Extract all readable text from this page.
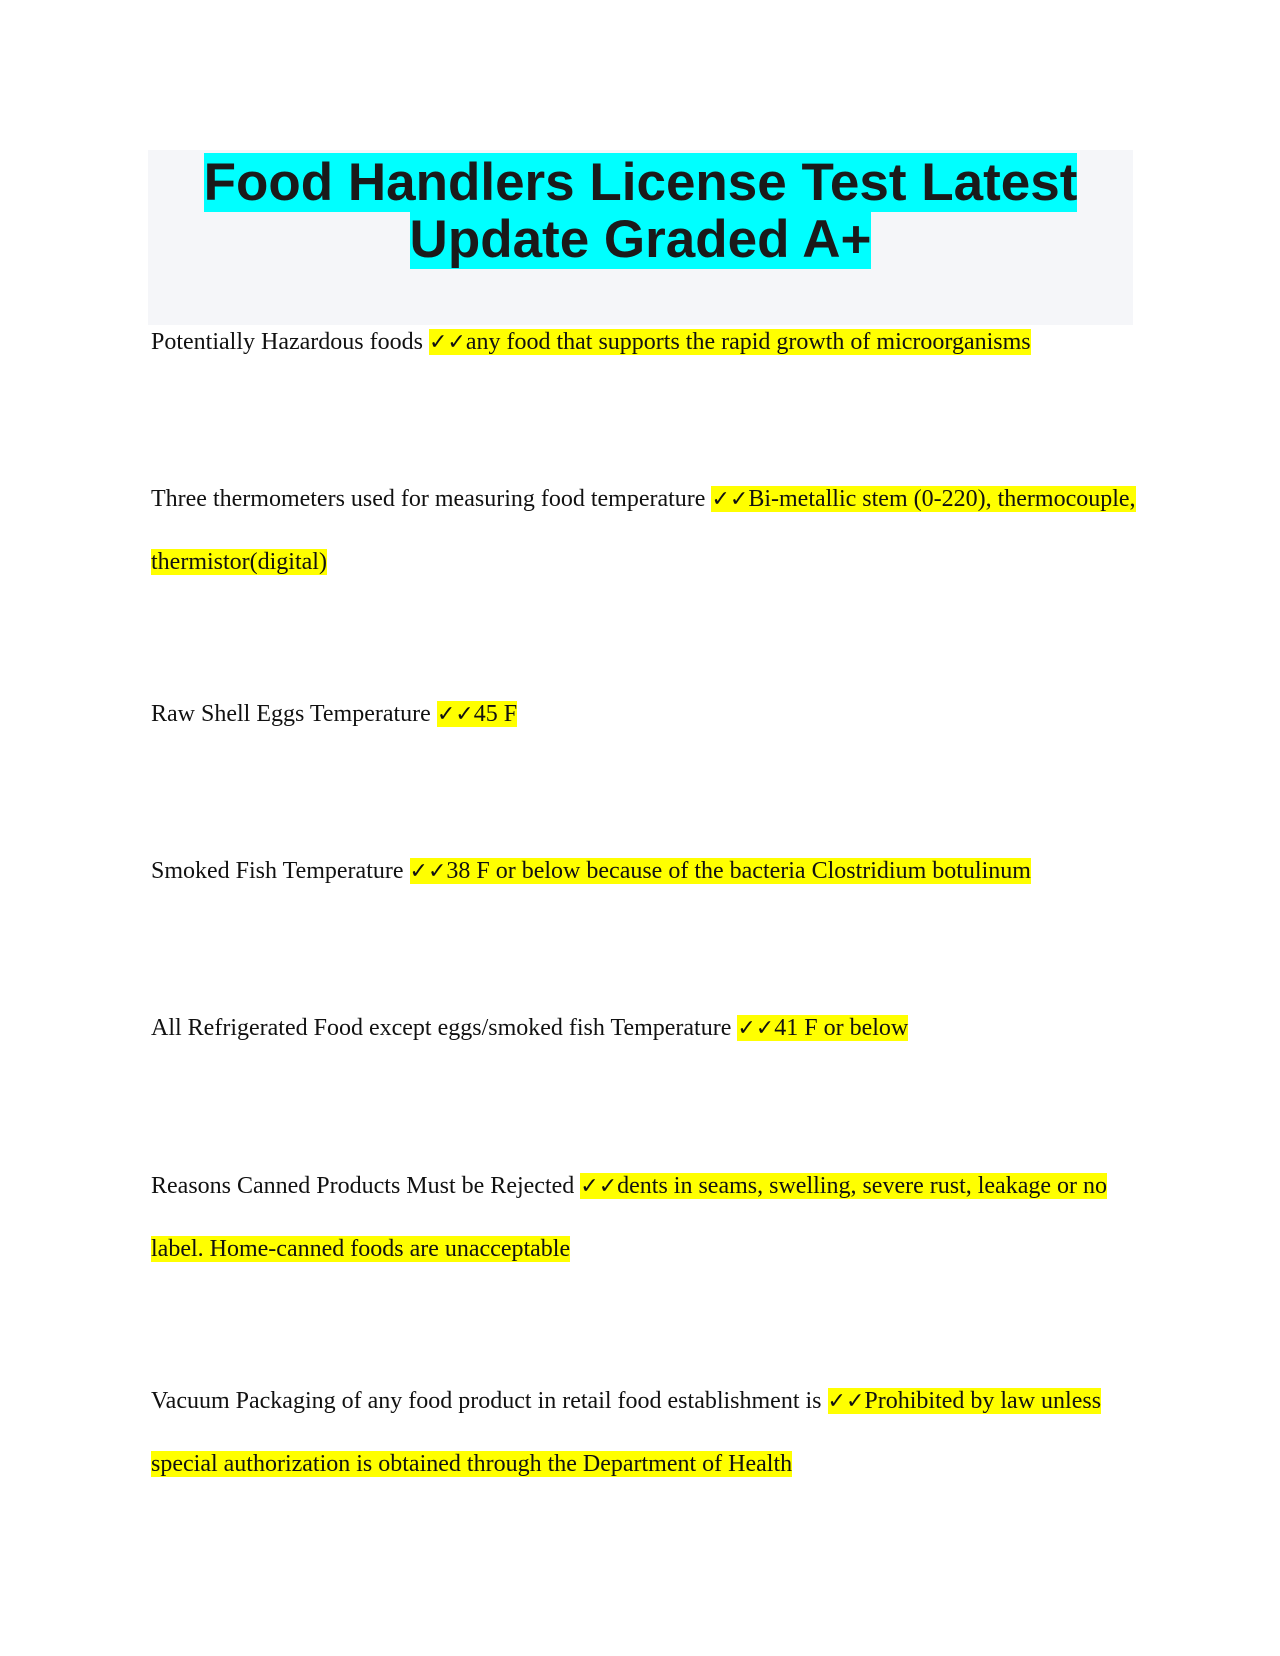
Food Handlers License Test Latest Update Graded A+

Potentially Hazardous foods ✓✓any food that supports the rapid growth of microorganisms

Three thermometers used for measuring food temperature ✓✓Bi-metallic stem (0-220), thermocouple, thermistor(digital)

Raw Shell Eggs Temperature ✓✓45 F

Smoked Fish Temperature ✓✓38 F or below because of the bacteria Clostridium botulinum

All Refrigerated Food except eggs/smoked fish Temperature ✓✓41 F or below

Reasons Canned Products Must be Rejected ✓✓dents in seams, swelling, severe rust, leakage or no label. Home-canned foods are unacceptable

Vacuum Packaging of any food product in retail food establishment is ✓✓Prohibited by law unless special authorization is obtained through the Department of Health
